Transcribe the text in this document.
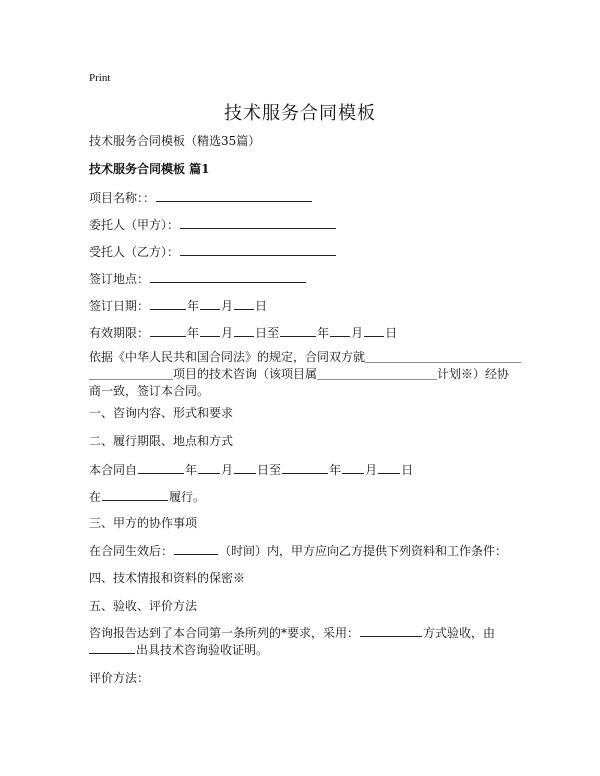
Print
技术服务合同模板
技术服务合同模板（精选35篇）
技术服务合同模板 篇1
项目名称：：
委托人（甲方）：
受托人（乙方）：
签订地点：
签订日期：	年 月 日
有效期限：	年 月 日至	年 月 日
依据《中华人民共和国合同法》的规定，合同双方就＿＿＿＿＿＿＿＿＿＿＿＿＿
＿＿＿＿＿＿＿项目的技术咨询（该项目属＿＿＿＿＿＿＿＿＿＿计划※）经协
商一致，签订本合同。
一、咨询内容、形式和要求
二、履行期限、地点和方式
本合同自	年 月 日至	年 月 日
在	履行。
三、甲方的协作事项
在合同生效后：	（时间）内，甲方应向乙方提供下列资料和工作条件：
四、技术情报和资料的保密※
五、验收、评价方法
咨询报告达到了本合同第一条所列的*要求，采用：	方式验收，由
出具技术咨询验收证明。
评价方法：
